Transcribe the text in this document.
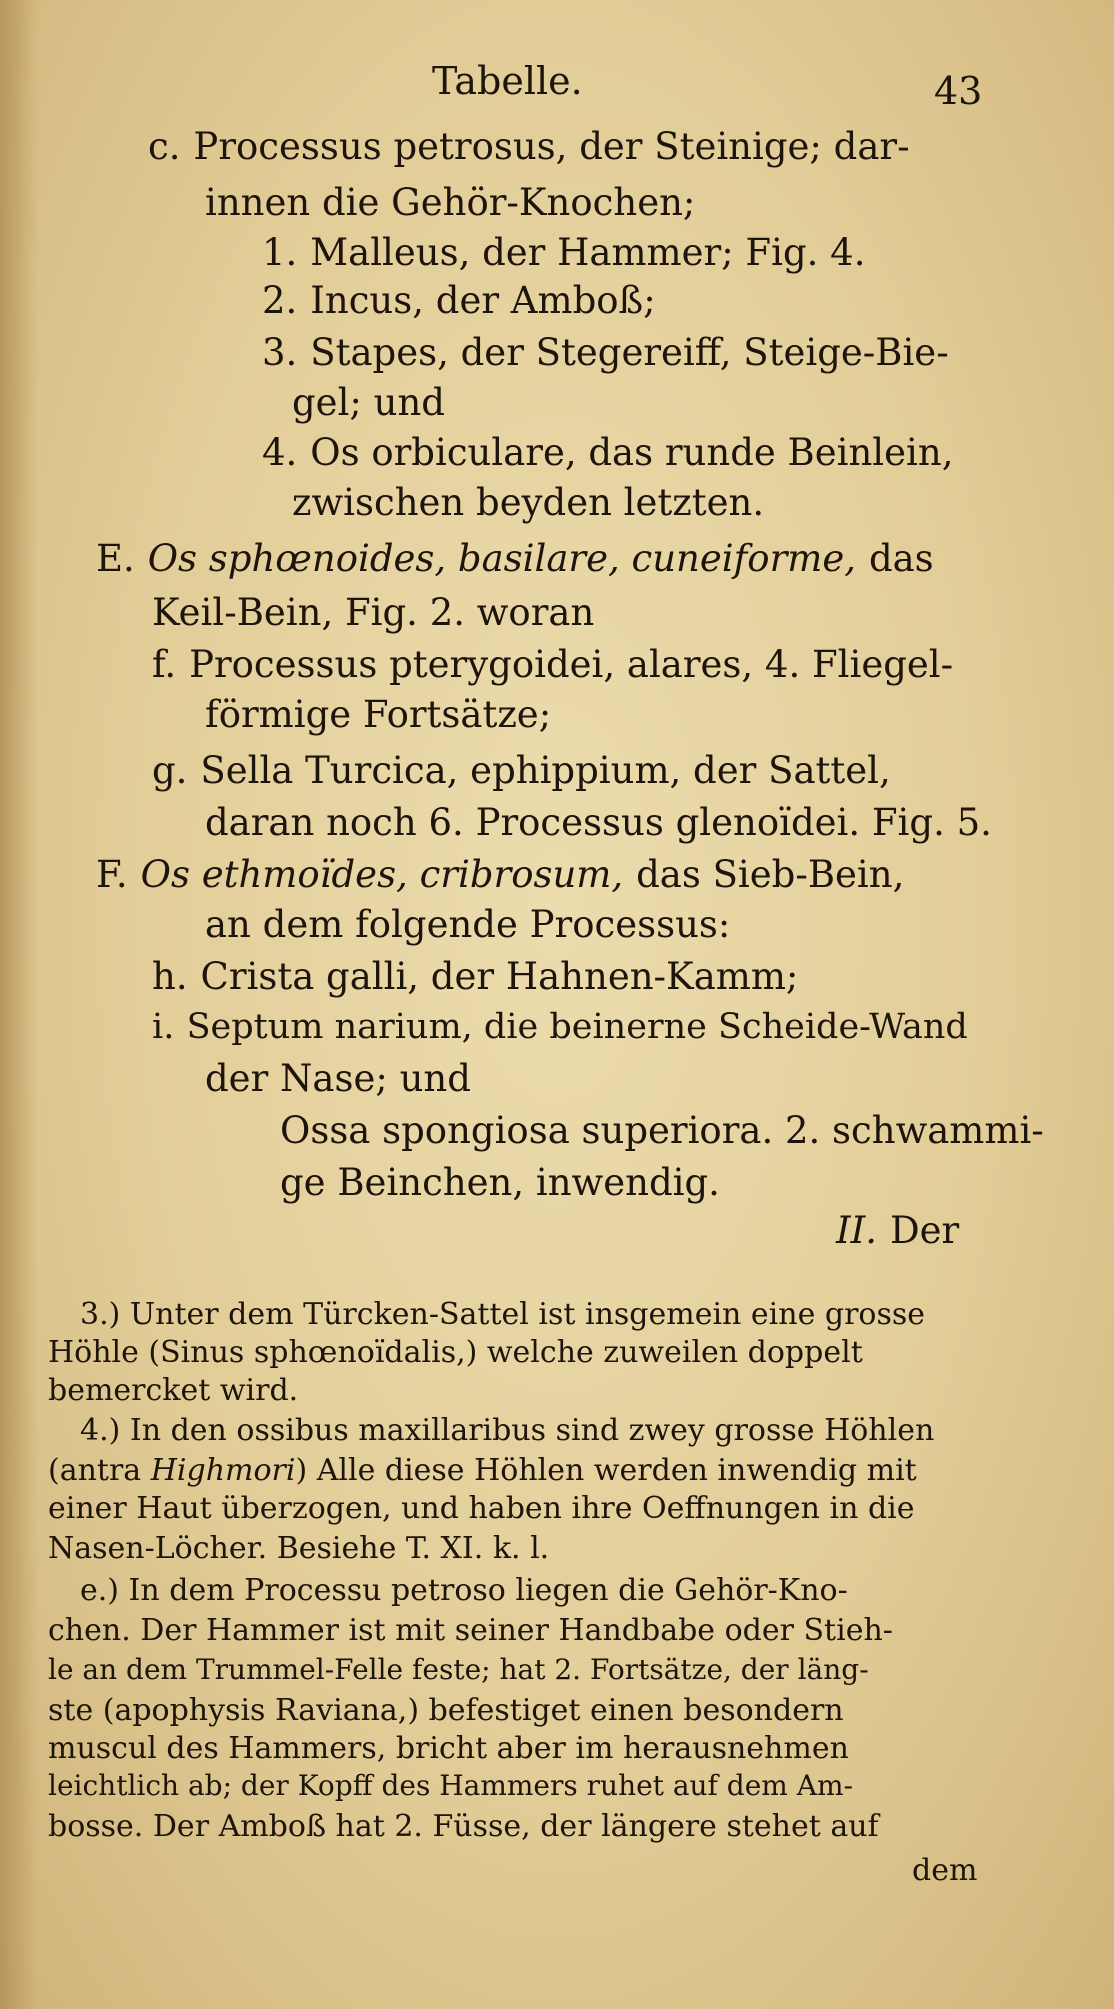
Tabelle.	43
c. Processus petrosus, der Steinige; dar-
innen die Gehör-Knochen;
1. Malleus, der Hammer; Fig. 4.
2. Incus, der Amboß;
3. Stapes, der Stegereiff, Steige-Bie-
gel; und
4. Os orbiculare, das runde Beinlein,
zwischen beyden letzten.
E. Os sphœnoides, basilare, cuneiforme, das
Keil-Bein, Fig. 2. woran
f. Processus pterygoidei, alares, 4. Fliegel-
förmige Fortsätze;
g. Sella Turcica, ephippium, der Sattel,
daran noch 6. Processus glenoïdei. Fig. 5.
F. Os ethmoïdes, cribrosum, das Sieb-Bein,
an dem folgende Processus:
h. Crista galli, der Hahnen-Kamm;
i. Septum narium, die beinerne Scheide-Wand
der Nase; und
Ossa spongiosa superiora. 2. schwammi-
ge Beinchen, inwendig.
II. Der
3.) Unter dem Türcken-Sattel ist insgemein eine grosse
Höhle (Sinus sphœnoïdalis,) welche zuweilen doppelt
bemercket wird.
4.) In den ossibus maxillaribus sind zwey grosse Höhlen
(antra Highmori) Alle diese Höhlen werden inwendig mit
einer Haut überzogen, und haben ihre Oeffnungen in die
Nasen-Löcher. Besiehe T. XI. k. l.
e.) In dem Processu petroso liegen die Gehör-Kno-
chen. Der Hammer ist mit seiner Handbabe oder Stieh-
le an dem Trummel-Felle feste; hat 2. Fortsätze, der läng-
ste (apophysis Raviana,) befestiget einen besondern
muscul des Hammers, bricht aber im herausnehmen
leichtlich ab; der Kopff des Hammers ruhet auf dem Am-
bosse. Der Amboß hat 2. Füsse, der längere stehet auf
dem
